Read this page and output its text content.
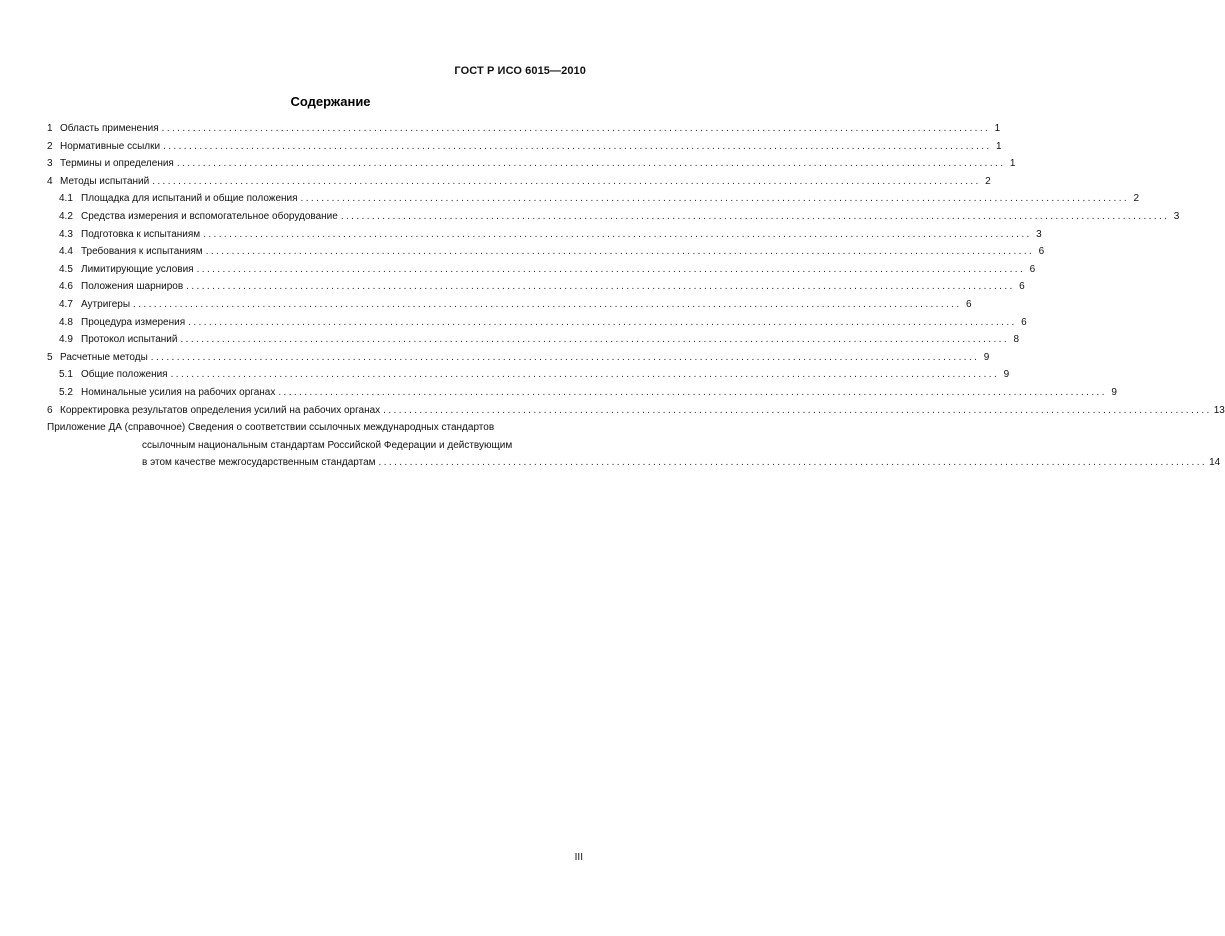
ГОСТ Р ИСО 6015—2010
Содержание
1 Область применения ................................................................................................................................................................ 1
2 Нормативные ссылки ................................................................................................................................................................ 1
3 Термины и определения ................................................................................................................................................................ 1
4 Методы испытаний ................................................................................................................................................................ 2
4.1 Площадка для испытаний и общие положения ................................................................................................................................................................ 2
4.2 Средства измерения и вспомогательное оборудование ................................................................................................................................................................ 3
4.3 Подготовка к испытаниям ................................................................................................................................................................ 3
4.4 Требования к испытаниям ................................................................................................................................................................ 6
4.5 Лимитирующие условия ................................................................................................................................................................ 6
4.6 Положения шарниров ................................................................................................................................................................ 6
4.7 Аутригеры ................................................................................................................................................................ 6
4.8 Процедура измерения ................................................................................................................................................................ 6
4.9 Протокол испытаний ................................................................................................................................................................ 8
5 Расчетные методы ................................................................................................................................................................ 9
5.1 Общие положения ................................................................................................................................................................ 9
5.2 Номинальные усилия на рабочих органах ................................................................................................................................................................ 9
6 Корректировка результатов определения усилий на рабочих органах ................................................................................................................................................................ 13
Приложение ДА (справочное) Сведения о соответствии ссылочных международных стандартов
ссылочным национальным стандартам Российской Федерации и действующим
в этом качестве межгосударственным стандартам ................................................................................................................................................................ 14
III
